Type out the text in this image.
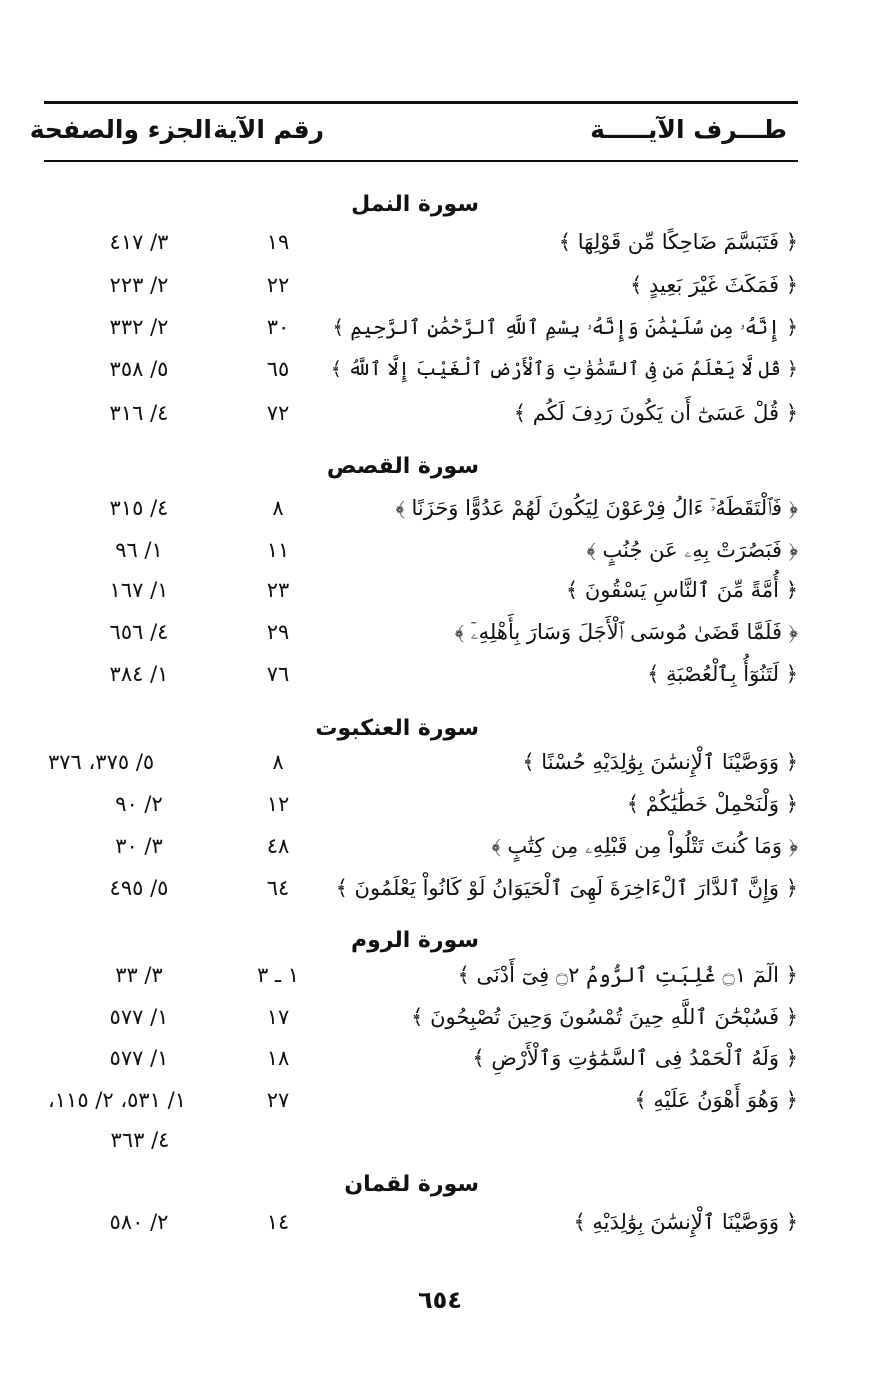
طـــرف الآيـــــة
رقم الآية
الجزء والصفحة
سورة النمل
﴿ فَتَبَسَّمَ ضَاحِكًا مِّن قَوْلِهَا ﴾
١٩
٣/ ٤١٧
﴿ فَمَكَثَ غَيْرَ بَعِيدٍ ﴾
٢٢
٢/ ٢٢٣
﴿ إِنَّهُۥ مِن سُلَيْمَٰنَ وَإِنَّهُۥ بِسْمِ ٱللَّهِ ٱلرَّحْمَٰنِ ٱلرَّحِيمِ ﴾
٣٠
٢/ ٣٣٢
﴿ قُل لَّا يَعْلَمُ مَن فِى ٱلسَّمَٰوَٰتِ وَٱلْأَرْضِ ٱلْغَيْبَ إِلَّا ٱللَّهُ ﴾
٦٥
٥/ ٣٥٨
﴿ قُلْ عَسَىٰٓ أَن يَكُونَ رَدِفَ لَكُم ﴾
٧٢
٤/ ٣١٦
سورة القصص
﴿ فَٱلْتَقَطَهُۥٓ ءَالُ فِرْعَوْنَ لِيَكُونَ لَهُمْ عَدُوًّا وَحَزَنًا ﴾
٨
٤/ ٣١٥
﴿ فَبَصُرَتْ بِهِۦ عَن جُنُبٍ ﴾
١١
١/ ٩٦
﴿ أُمَّةً مِّنَ ٱلنَّاسِ يَسْقُونَ ﴾
٢٣
١/ ١٦٧
﴿ فَلَمَّا قَضَىٰ مُوسَى ٱلْأَجَلَ وَسَارَ بِأَهْلِهِۦٓ ﴾
٢٩
٤/ ٦٥٦
﴿ لَتَنُوٓأُ بِٱلْعُصْبَةِ ﴾
٧٦
١/ ٣٨٤
سورة العنكبوت
﴿ وَوَصَّيْنَا ٱلْإِنسَٰنَ بِوَٰلِدَيْهِ حُسْنًا ﴾
٨
٥/ ٣٧٥، ٣٧٦
﴿ وَلْنَحْمِلْ خَطَٰيَٰكُمْ ﴾
١٢
٢/ ٩٠
﴿ وَمَا كُنتَ تَتْلُواْ مِن قَبْلِهِۦ مِن كِتَٰبٍ ﴾
٤٨
٣/ ٣٠
﴿ وَإِنَّ ٱلدَّارَ ٱلْءَاخِرَةَ لَهِىَ ٱلْحَيَوَانُ لَوْ كَانُواْ يَعْلَمُونَ ﴾
٦٤
٥/ ٤٩٥
سورة الروم
﴿ الٓمٓ ۝١ غُلِبَتِ ٱلرُّومُ ۝٢ فِىٓ أَدْنَى ﴾
١ ـ ٣
٣/ ٣٣
﴿ فَسُبْحَٰنَ ٱللَّهِ حِينَ تُمْسُونَ وَحِينَ تُصْبِحُونَ ﴾
١٧
١/ ٥٧٧
﴿ وَلَهُ ٱلْحَمْدُ فِى ٱلسَّمَٰوَٰتِ وَٱلْأَرْضِ ﴾
١٨
١/ ٥٧٧
﴿ وَهُوَ أَهْوَنُ عَلَيْهِ ﴾
٢٧
١/ ٥٣١، ٢/ ١١٥،
٤/ ٣٦٣
سورة لقمان
﴿ وَوَصَّيْنَا ٱلْإِنسَٰنَ بِوَٰلِدَيْهِ ﴾
١٤
٢/ ٥٨٠
٦٥٤
